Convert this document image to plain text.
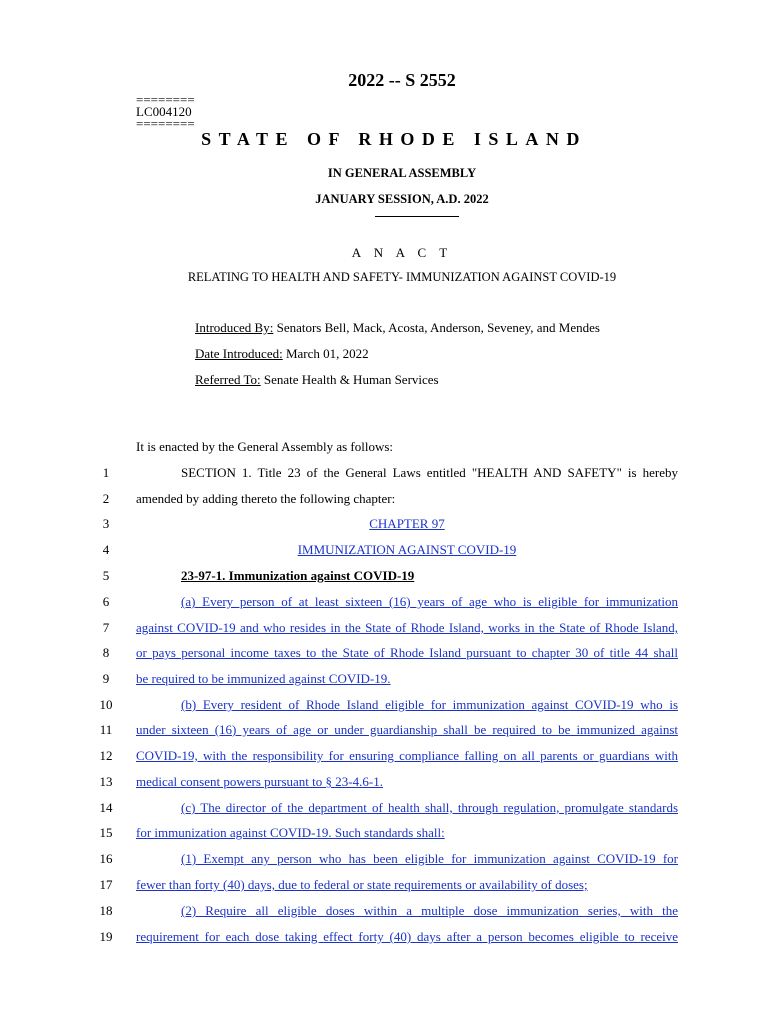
2022 -- S 2552
========
LC004120
========
STATE OF RHODE ISLAND
IN GENERAL ASSEMBLY
JANUARY SESSION, A.D. 2022
A N A C T
RELATING TO HEALTH AND SAFETY- IMMUNIZATION AGAINST COVID-19
Introduced By: Senators Bell, Mack, Acosta, Anderson, Seveney, and Mendes
Date Introduced: March 01, 2022
Referred To: Senate Health & Human Services
It is enacted by the General Assembly as follows:
1	SECTION 1. Title 23 of the General Laws entitled "HEALTH AND SAFETY" is hereby
2	amended by adding thereto the following chapter:
3	CHAPTER 97
4	IMMUNIZATION AGAINST COVID-19
5	23-97-1. Immunization against COVID-19
6	(a) Every person of at least sixteen (16) years of age who is eligible for immunization
7	against COVID-19 and who resides in the State of Rhode Island, works in the State of Rhode Island,
8	or pays personal income taxes to the State of Rhode Island pursuant to chapter 30 of title 44 shall
9	be required to be immunized against COVID-19.
10	(b) Every resident of Rhode Island eligible for immunization against COVID-19 who is
11 under sixteen (16) years of age or under guardianship shall be required to be immunized against
12 COVID-19, with the responsibility for ensuring compliance falling on all parents or guardians with
13 medical consent powers pursuant to § 23-4.6-1.
14	(c) The director of the department of health shall, through regulation, promulgate standards
15 for immunization against COVID-19. Such standards shall:
16	(1) Exempt any person who has been eligible for immunization against COVID-19 for
17 fewer than forty (40) days, due to federal or state requirements or availability of doses;
18	(2) Require all eligible doses within a multiple dose immunization series, with the
19 requirement for each dose taking effect forty (40) days after a person becomes eligible to receive
